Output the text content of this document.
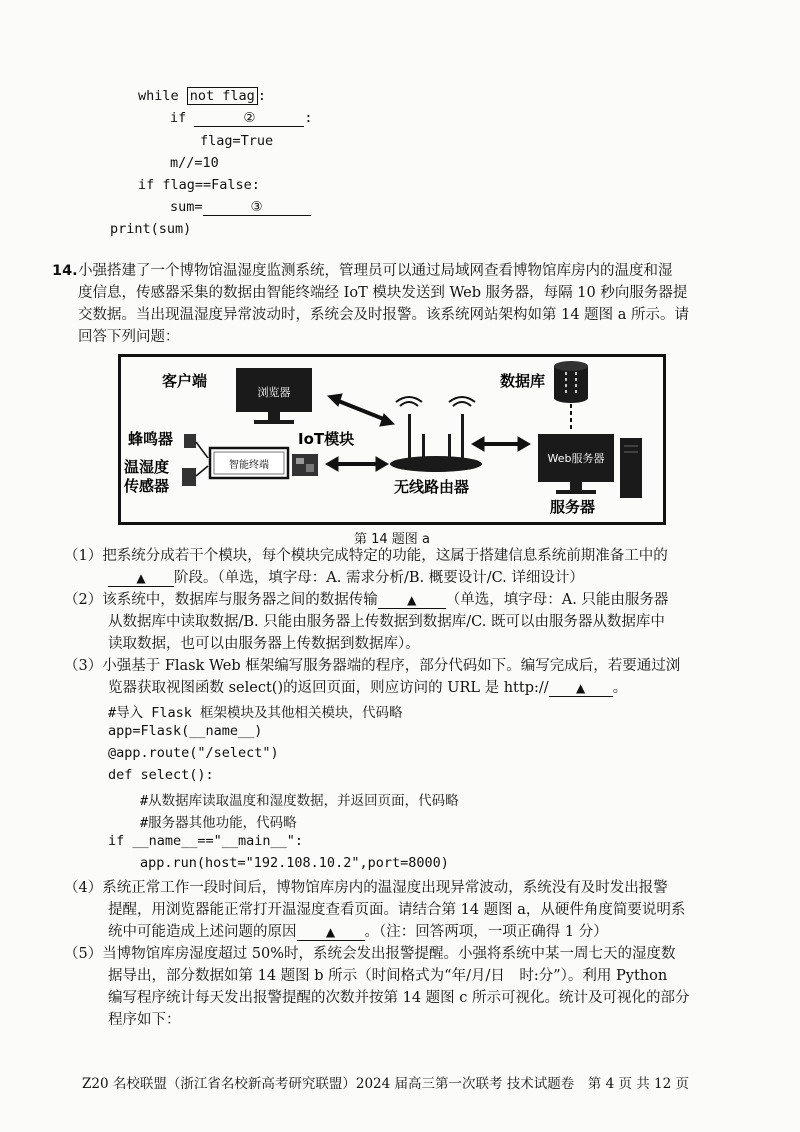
while not flag :
if	②	:
flag=True
m//=10
if flag==False:
sum=	③
print(sum)
14. 小强搭建了一个博物馆温湿度监测系统，管理员可以通过局域网查看博物馆库房内的温度和湿
度信息，传感器采集的数据由智能终端经 IoT 模块发送到 Web 服务器，每隔 10 秒向服务器提
交数据。当出现温湿度异常波动时，系统会及时报警。该系统网站架构如第 14 题图 a 所示。请
回答下列问题：
浏览器
客户端	数据库
Web服务器
服务器
无线路由器
蜂鸣器
温湿度
传感器
智能终端
IoT模块
第 14 题图 a
（1）把系统分成若干个模块，每个模块完成特定的功能，这属于搭建信息系统前期准备工中的
▲ 阶段。（单选，填字母：A. 需求分析/B. 概要设计/C. 详细设计）
（2）该系统中，数据库与服务器之间的数据传输 ▲ （单选，填字母：A. 只能由服务器
从数据库中读取数据/B. 只能由服务器上传数据到数据库/C. 既可以由服务器从数据库中
读取数据，也可以由服务器上传数据到数据库）。
（3）小强基于 Flask Web 框架编写服务器端的程序，部分代码如下。编写完成后，若要通过浏
览器获取视图函数 select()的返回页面，则应访问的 URL 是 http:// ▲ 。
#导入 Flask 框架模块及其他相关模块，代码略
app=Flask(__name__)
@app.route("/select")
def select():
#从数据库读取温度和湿度数据，并返回页面，代码略
#服务器其他功能，代码略
if __name__=="__main__":
app.run(host="192.108.10.2",port=8000)
（4）系统正常工作一段时间后，博物馆库房内的温湿度出现异常波动，系统没有及时发出报警
提醒，用浏览器能正常打开温湿度查看页面。请结合第 14 题图 a，从硬件角度简要说明系
统中可能造成上述问题的原因 ▲ 。（注：回答两项，一项正确得 1 分）
（5）当博物馆库房湿度超过 50%时，系统会发出报警提醒。小强将系统中某一周七天的湿度数
据导出，部分数据如第 14 题图 b 所示（时间格式为“年/月/日　时:分”）。利用 Python
编写程序统计每天发出报警提醒的次数并按第 14 题图 c 所示可视化。统计及可视化的部分
程序如下：
Z20 名校联盟（浙江省名校新高考研究联盟）2024 届高三第一次联考 技术试题卷　第 4 页 共 12 页
